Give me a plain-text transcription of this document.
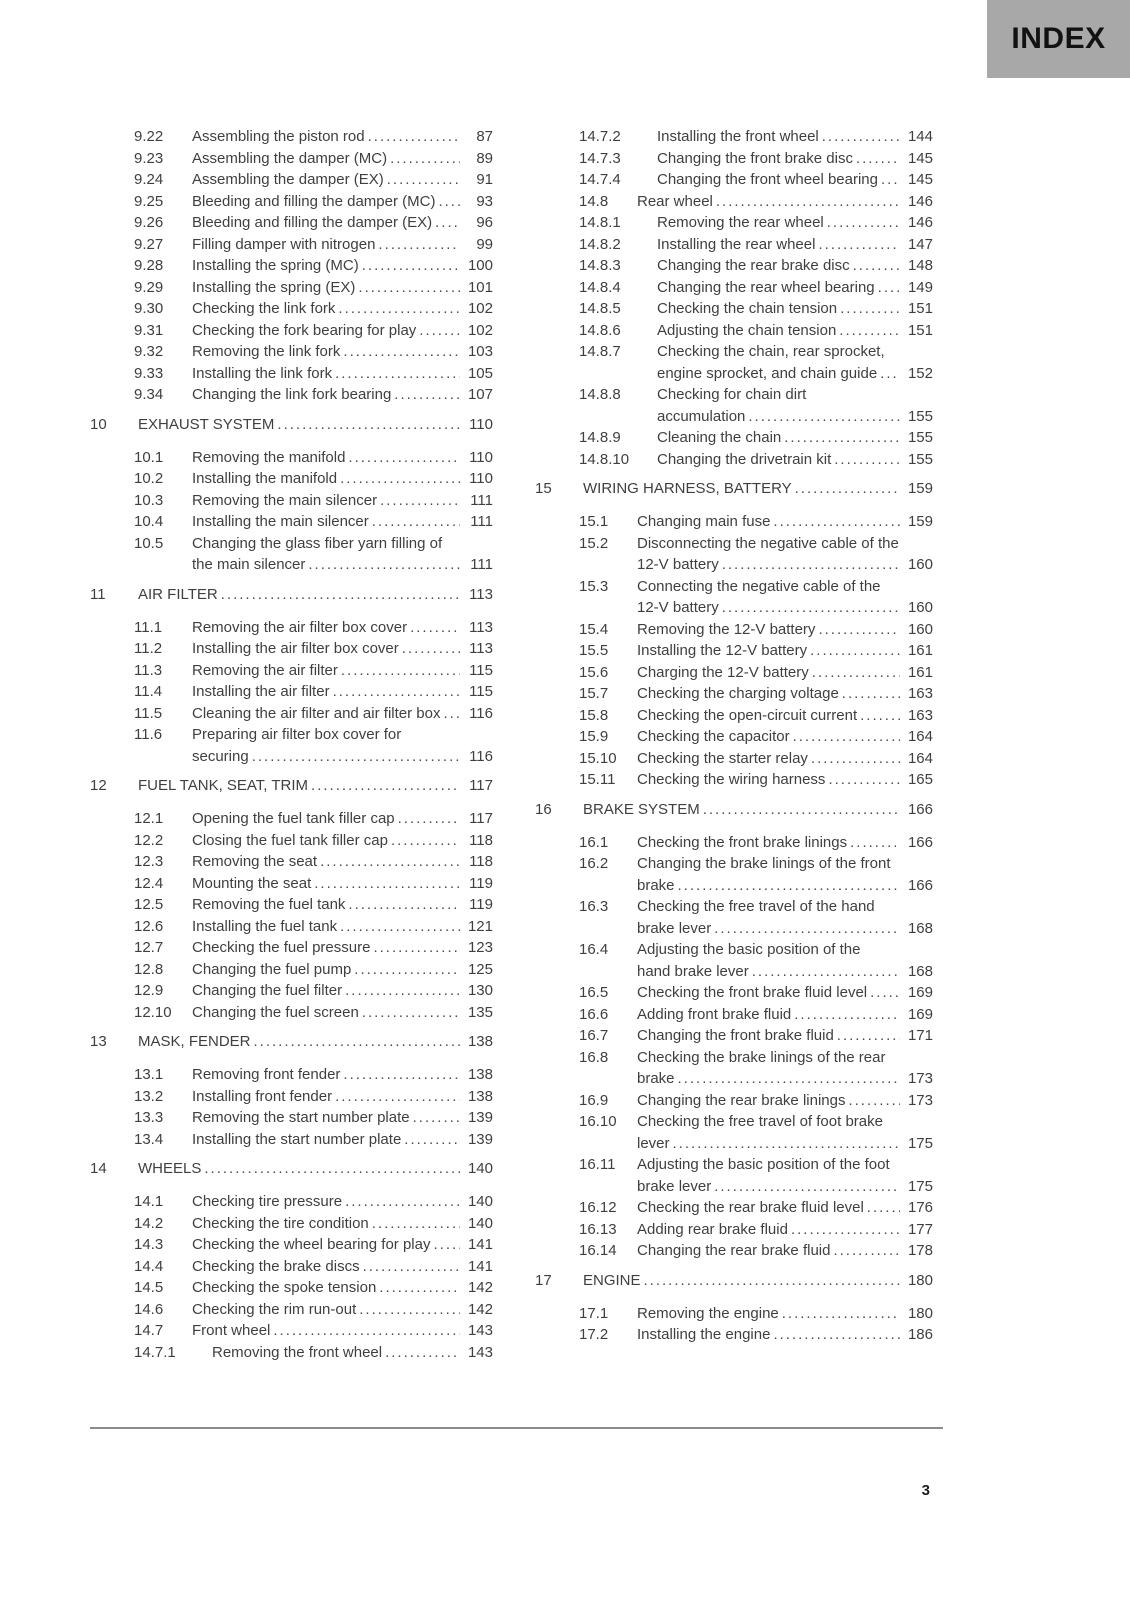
INDEX
9.22 Assembling the piston rod .....	87
9.23 Assembling the damper (MC) .....	89
9.24 Assembling the damper (EX) .....	91
9.25 Bleeding and filling the damper (MC) .....	93
9.26 Bleeding and filling the damper (EX) .....	96
9.27 Filling damper with nitrogen .....	99
9.28 Installing the spring (MC) .....	100
9.29 Installing the spring (EX) .....	101
9.30 Checking the link fork .....	102
9.31 Checking the fork bearing for play .....	102
9.32 Removing the link fork .....	103
9.33 Installing the link fork .....	105
9.34 Changing the link fork bearing .....	107
10 EXHAUST SYSTEM .....	110
10.1 Removing the manifold .....	110
10.2 Installing the manifold .....	110
10.3 Removing the main silencer .....	111
10.4 Installing the main silencer .....	111
10.5 Changing the glass fiber yarn filling of
the main silencer .....	111
11 AIR FILTER .....	113
11.1 Removing the air filter box cover .....	113
11.2 Installing the air filter box cover .....	113
11.3 Removing the air filter .....	115
11.4 Installing the air filter .....	115
11.5 Cleaning the air filter and air filter box ..... 116
11.6 Preparing air filter box cover for
securing .....	116
12 FUEL TANK, SEAT, TRIM .....	117
12.1 Opening the fuel tank filler cap .....	117
12.2 Closing the fuel tank filler cap .....	118
12.3 Removing the seat .....	118
12.4 Mounting the seat .....	119
12.5 Removing the fuel tank .....	119
12.6 Installing the fuel tank .....	121
12.7 Checking the fuel pressure .....	123
12.8 Changing the fuel pump .....	125
12.9 Changing the fuel filter .....	130
12.10 Changing the fuel screen .....	135
13 MASK, FENDER .....	138
13.1 Removing front fender .....	138
13.2 Installing front fender .....	138
13.3 Removing the start number plate .....	139
13.4 Installing the start number plate .....	139
14 WHEELS .....	140
14.1 Checking tire pressure .....	140
14.2 Checking the tire condition .....	140
14.3 Checking the wheel bearing for play ..... 141
14.4 Checking the brake discs .....	141
14.5 Checking the spoke tension .....	142
14.6 Checking the rim run-out .....	142
14.7 Front wheel .....	143
14.7.1 Removing the front wheel .....	143
14.7.2 Installing the front wheel .....	144
14.7.3 Changing the front brake disc .....	145
14.7.4 Changing the front wheel bearing ..... 145
14.8 Rear wheel .....	146
14.8.1 Removing the rear wheel .....	146
14.8.2 Installing the rear wheel .....	147
14.8.3 Changing the rear brake disc .....	148
14.8.4 Changing the rear wheel bearing ..... 149
14.8.5 Checking the chain tension .....	151
14.8.6 Adjusting the chain tension .....	151
14.8.7 Checking the chain, rear sprocket,
engine sprocket, and chain guide ..... 152
14.8.8 Checking for chain dirt
accumulation .....	155
14.8.9 Cleaning the chain .....	155
14.8.10 Changing the drivetrain kit .....	155
15 WIRING HARNESS, BATTERY .....	159
15.1 Changing main fuse .....	159
15.2 Disconnecting the negative cable of the
12-V battery .....	160
15.3 Connecting the negative cable of the
12-V battery .....	160
15.4 Removing the 12-V battery .....	160
15.5 Installing the 12-V battery .....	161
15.6 Charging the 12-V battery .....	161
15.7 Checking the charging voltage .....	163
15.8 Checking the open-circuit current .....	163
15.9 Checking the capacitor .....	164
15.10 Checking the starter relay .....	164
15.11 Checking the wiring harness .....	165
16 BRAKE SYSTEM .....	166
16.1 Checking the front brake linings .....	166
16.2 Changing the brake linings of the front
brake .....	166
16.3 Checking the free travel of the hand
brake lever .....	168
16.4 Adjusting the basic position of the
hand brake lever .....	168
16.5 Checking the front brake fluid level .....	169
16.6 Adding front brake fluid .....	169
16.7 Changing the front brake fluid .....	171
16.8 Checking the brake linings of the rear
brake .....	173
16.9 Changing the rear brake linings .....	173
16.10 Checking the free travel of foot brake
lever .....	175
16.11 Adjusting the basic position of the foot
brake lever .....	175
16.12 Checking the rear brake fluid level .....	176
16.13 Adding rear brake fluid .....	177
16.14 Changing the rear brake fluid .....	178
17 ENGINE .....	180
17.1 Removing the engine .....	180
17.2 Installing the engine .....	186
3
